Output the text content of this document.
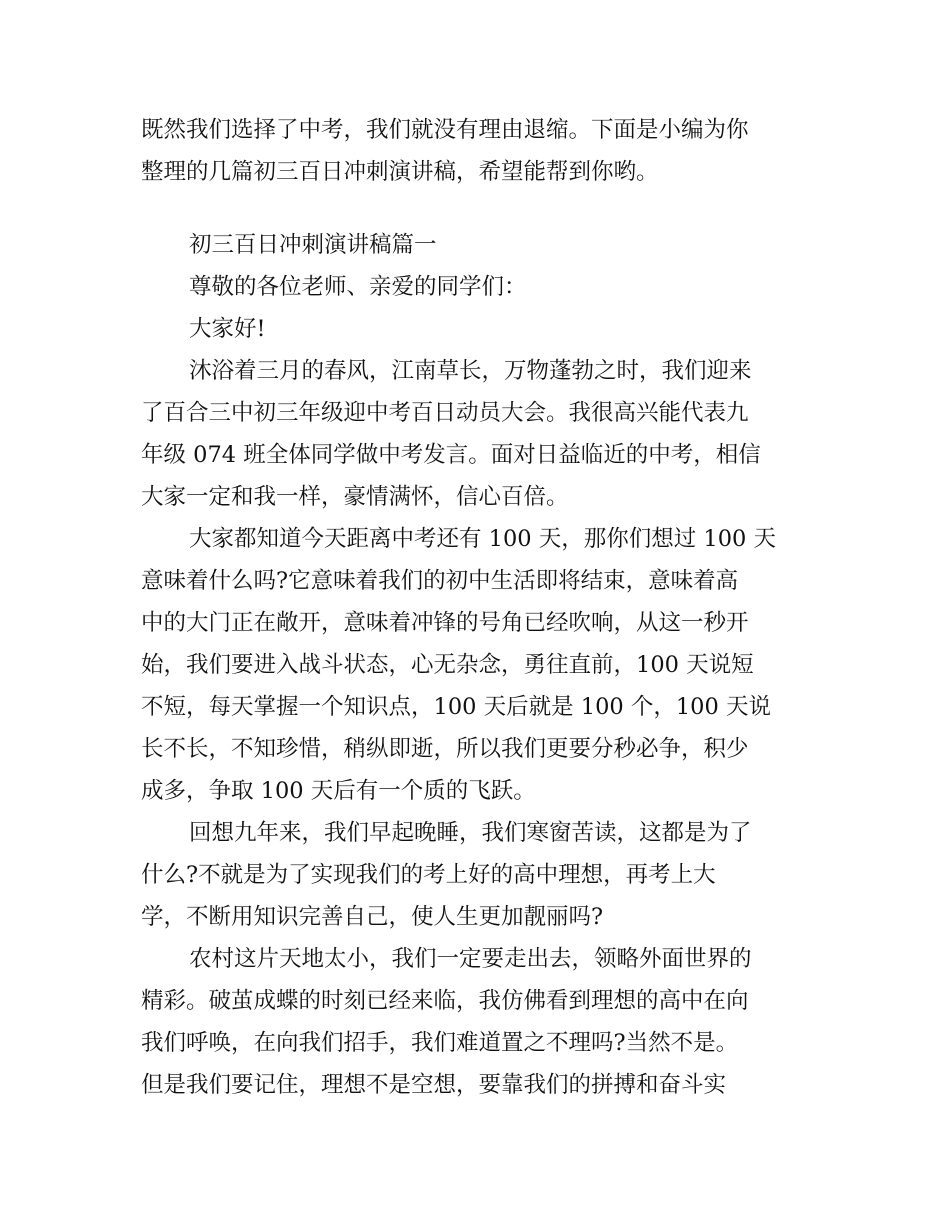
既然我们选择了中考，我们就没有理由退缩。下面是小编为你
整理的几篇初三百日冲刺演讲稿，希望能帮到你哟。
初三百日冲刺演讲稿篇一
尊敬的各位老师、亲爱的同学们：
大家好!
沐浴着三月的春风，江南草长，万物蓬勃之时，我们迎来
了百合三中初三年级迎中考百日动员大会。我很高兴能代表九
年级 074 班全体同学做中考发言。面对日益临近的中考，相信
大家一定和我一样，豪情满怀，信心百倍。
大家都知道今天距离中考还有 100 天，那你们想过 100 天
意味着什么吗?它意味着我们的初中生活即将结束，意味着高
中的大门正在敞开，意味着冲锋的号角已经吹响，从这一秒开
始，我们要进入战斗状态，心无杂念，勇往直前，100 天说短
不短，每天掌握一个知识点，100 天后就是 100 个，100 天说
长不长，不知珍惜，稍纵即逝，所以我们更要分秒必争，积少
成多，争取 100 天后有一个质的飞跃。
回想九年来，我们早起晚睡，我们寒窗苦读，这都是为了
什么?不就是为了实现我们的考上好的高中理想，再考上大
学，不断用知识完善自己，使人生更加靓丽吗?
农村这片天地太小，我们一定要走出去，领略外面世界的
精彩。破茧成蝶的时刻已经来临，我仿佛看到理想的高中在向
我们呼唤，在向我们招手，我们难道置之不理吗?当然不是。
但是我们要记住，理想不是空想，要靠我们的拼搏和奋斗实
